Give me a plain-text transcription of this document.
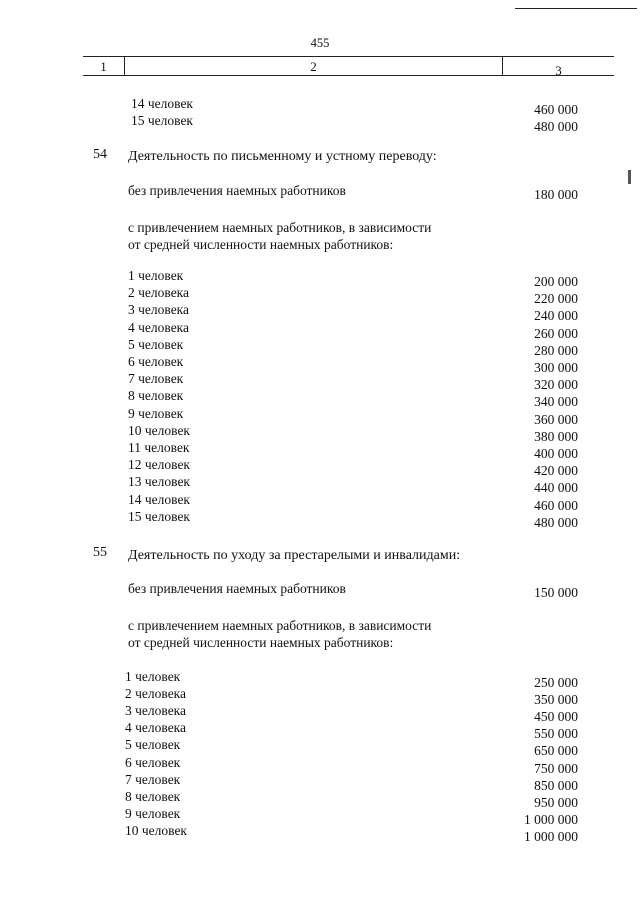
455
1	2	3
14 человек	460 000
15 человек	480 000
54 Деятельность по письменному и устному переводу:
без привлечения наемных работников	180 000
с привлечением наемных работников, в зависимости
от средней численности наемных работников:
1 человек	200 000
2 человека	220 000
3 человека	240 000
4 человека	260 000
5 человек	280 000
6 человек	300 000
7 человек	320 000
8 человек	340 000
9 человек	360 000
10 человек	380 000
11 человек	400 000
12 человек	420 000
13 человек	440 000
14 человек	460 000
15 человек	480 000
55 Деятельность по уходу за престарелыми и инвалидами:
без привлечения наемных работников	150 000
с привлечением наемных работников, в зависимости
от средней численности наемных работников:
1 человек	250 000
2 человека	350 000
3 человека	450 000
4 человека	550 000
5 человек	650 000
6 человек	750 000
7 человек	850 000
8 человек	950 000
9 человек	1 000 000
10 человек	1 000 000
